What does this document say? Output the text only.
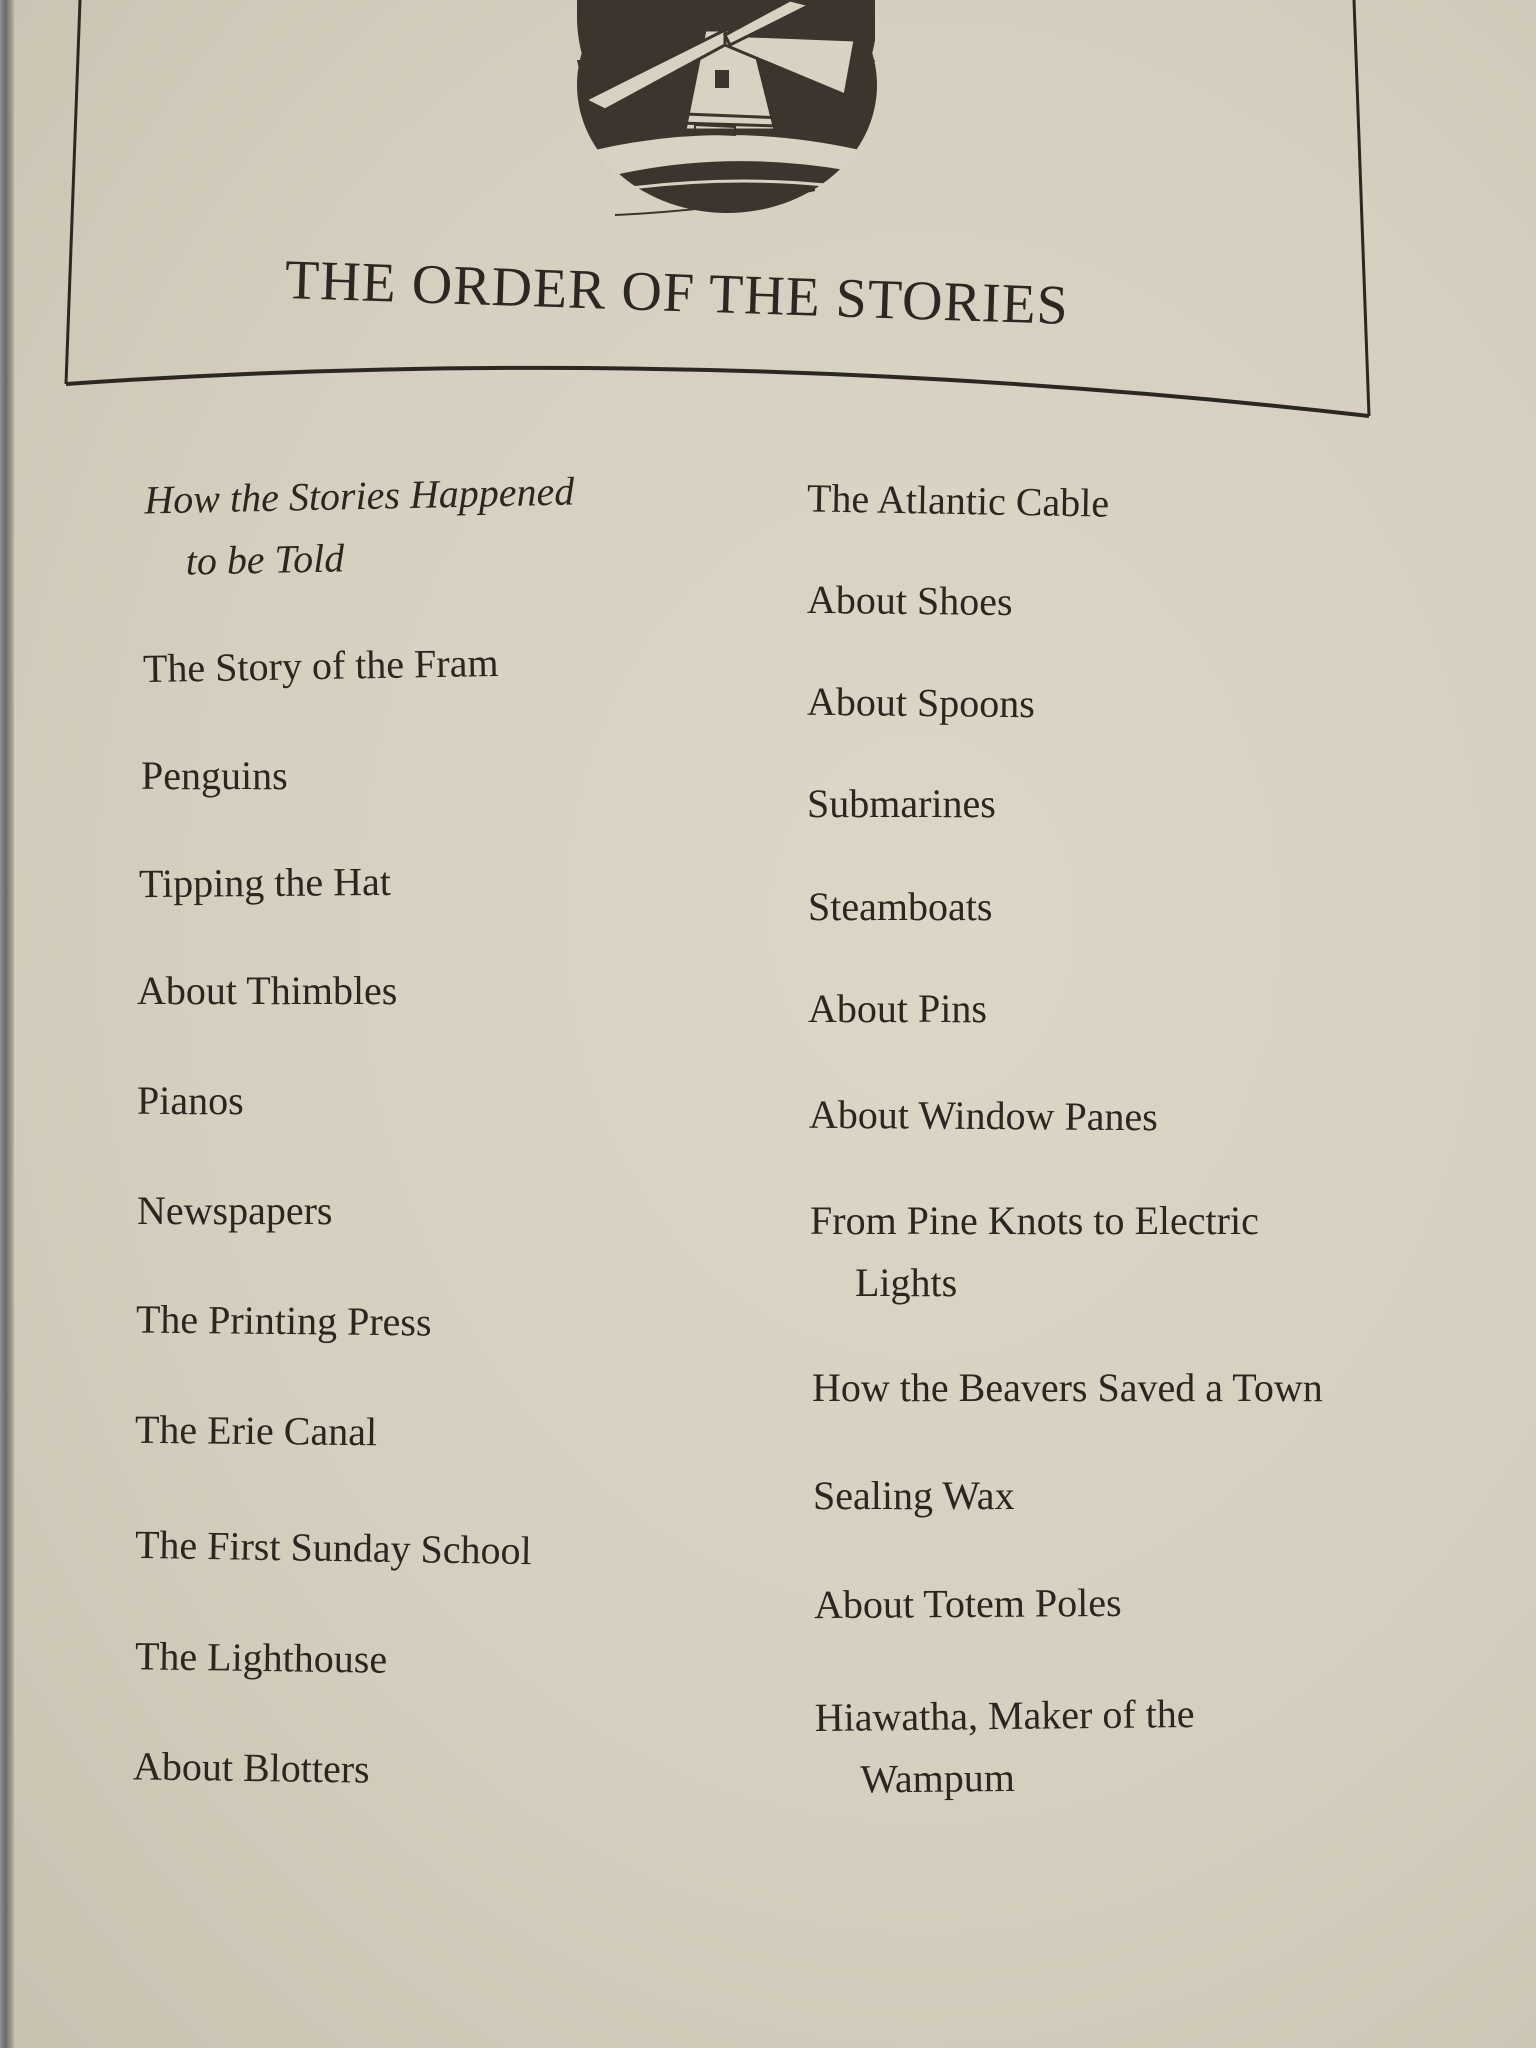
THE ORDER OF THE STORIES
How the Stories Happened
to be Told
The Story of the Fram
Penguins
Tipping the Hat
About Thimbles
Pianos
Newspapers
The Printing Press
The Erie Canal
The First Sunday School
The Lighthouse
About Blotters
The Atlantic Cable
About Shoes
About Spoons
Submarines
Steamboats
About Pins
About Window Panes
From Pine Knots to Electric
Lights
How the Beavers Saved a Town
Sealing Wax
About Totem Poles
Hiawatha, Maker of the
Wampum
